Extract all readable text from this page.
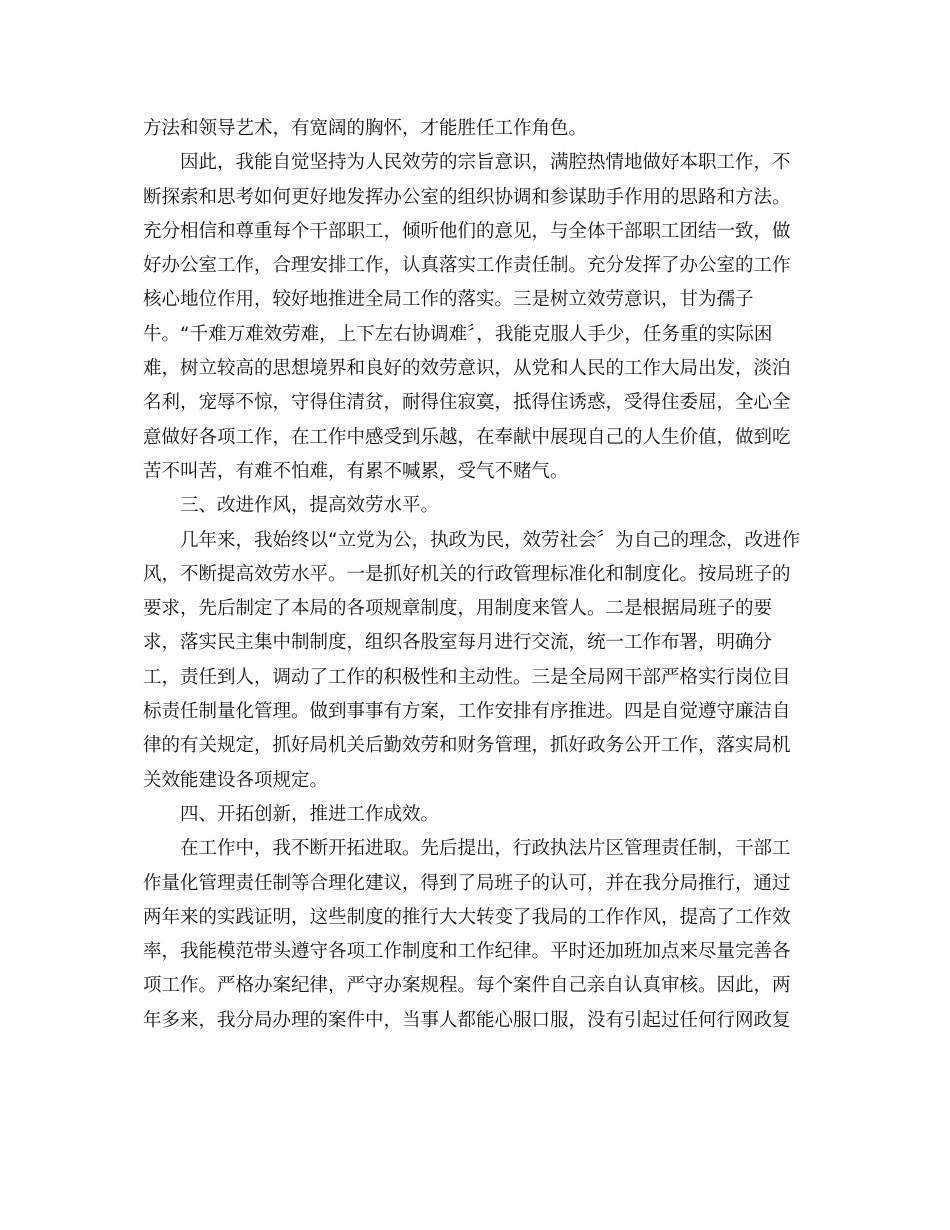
方法和领导艺术，有宽阔的胸怀，才能胜任工作角色。
因此，我能自觉坚持为人民效劳的宗旨意识，满腔热情地做好本职工作，不
断探索和思考如何更好地发挥办公室的组织协调和参谋助手作用的思路和方法。
充分相信和尊重每个干部职工，倾听他们的意见，与全体干部职工团结一致，做
好办公室工作，合理安排工作，认真落实工作责任制。充分发挥了办公室的工作
核心地位作用，较好地推进全局工作的落实。三是树立效劳意识，甘为孺子
牛。“千难万难效劳难，上下左右协调难〞，我能克服人手少，任务重的实际困
难，树立较高的思想境界和良好的效劳意识，从党和人民的工作大局出发，淡泊
名利，宠辱不惊，守得住清贫，耐得住寂寞，抵得住诱惑，受得住委屈，全心全
意做好各项工作，在工作中感受到乐越，在奉献中展现自己的人生价值，做到吃
苦不叫苦，有难不怕难，有累不喊累，受气不赌气。
三、改进作风，提高效劳水平。
几年来，我始终以“立党为公，执政为民，效劳社会〞为自己的理念，改进作
风，不断提高效劳水平。一是抓好机关的行政管理标准化和制度化。按局班子的
要求，先后制定了本局的各项规章制度，用制度来管人。二是根据局班子的要
求，落实民主集中制制度，组织各股室每月进行交流，统一工作布署，明确分
工，责任到人，调动了工作的积极性和主动性。三是全局网干部严格实行岗位目
标责任制量化管理。做到事事有方案，工作安排有序推进。四是自觉遵守廉洁自
律的有关规定，抓好局机关后勤效劳和财务管理，抓好政务公开工作，落实局机
关效能建设各项规定。
四、开拓创新，推进工作成效。
在工作中，我不断开拓进取。先后提出，行政执法片区管理责任制，干部工
作量化管理责任制等合理化建议，得到了局班子的认可，并在我分局推行，通过
两年来的实践证明，这些制度的推行大大转变了我局的工作作风，提高了工作效
率，我能模范带头遵守各项工作制度和工作纪律。平时还加班加点来尽量完善各
项工作。严格办案纪律，严守办案规程。每个案件自己亲自认真审核。因此，两
年多来，我分局办理的案件中，当事人都能心服口服，没有引起过任何行网政复
